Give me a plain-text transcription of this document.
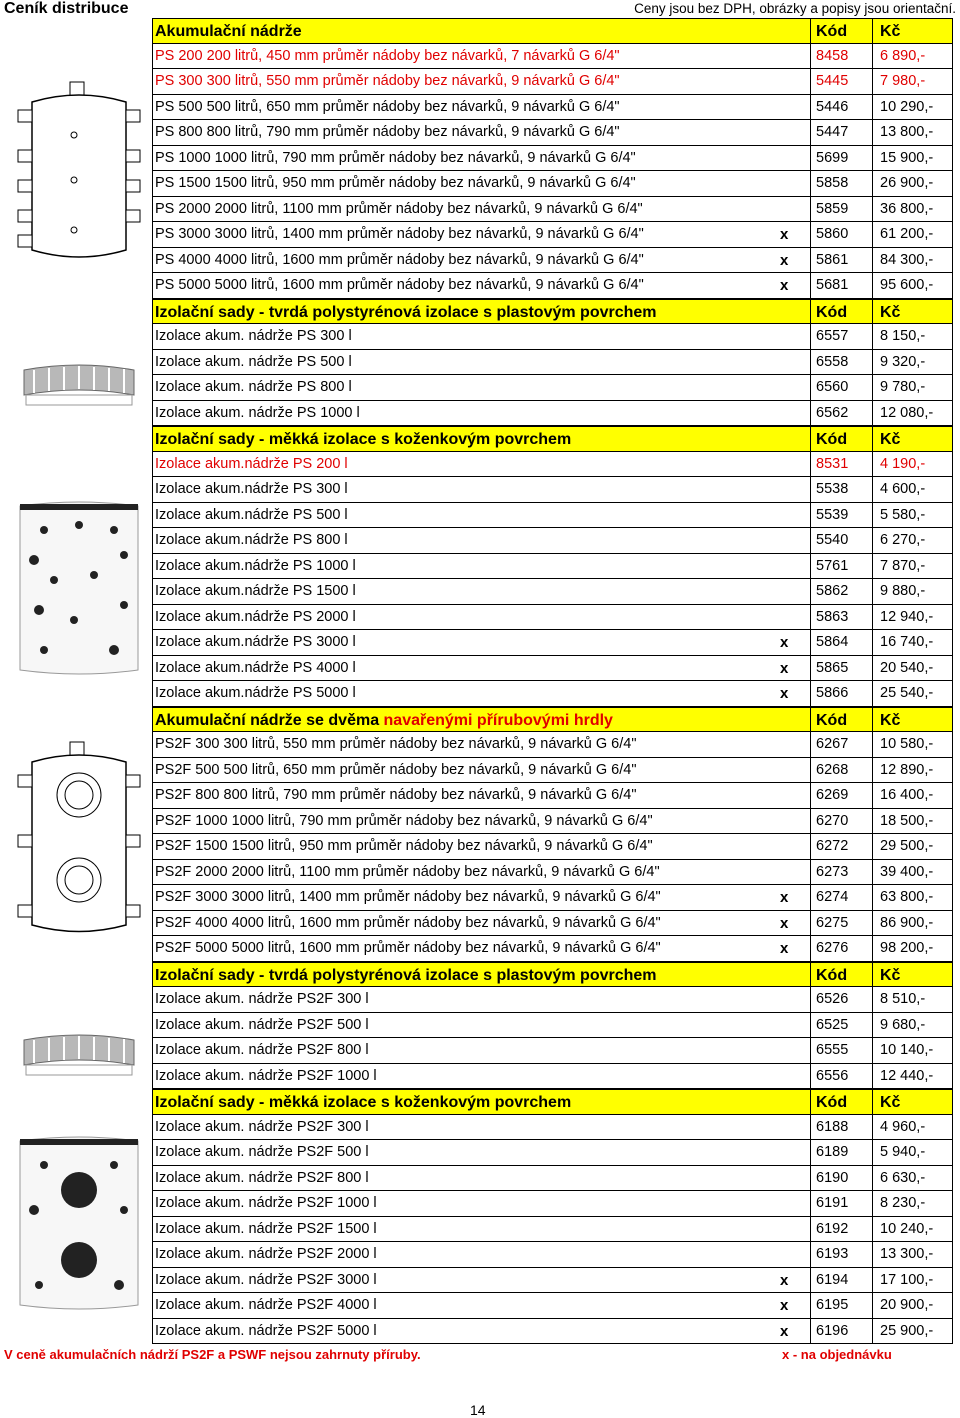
Ceník distribuce	Ceny jsou bez DPH, obrázky a popisy jsou orientační.
Akumulační nádrže	Kód Kč
PS 200 200 litrů, 450 mm průměr nádoby bez návarků, 7 návarků G 6/4"	8458 6 890,-
PS 300 300 litrů, 550 mm průměr nádoby bez návarků, 9 návarků G 6/4"	5445 7 980,-
PS 500 500 litrů, 650 mm průměr nádoby bez návarků, 9 návarků G 6/4"	5446 10 290,-
PS 800 800 litrů, 790 mm průměr nádoby bez návarků, 9 návarků G 6/4"	5447 13 800,-
PS 1000 1000 litrů, 790 mm průměr nádoby bez návarků, 9 návarků G 6/4"	5699 15 900,-
PS 1500 1500 litrů, 950 mm průměr nádoby bez návarků, 9 návarků G 6/4"	5858 26 900,-
PS 2000 2000 litrů, 1100 mm průměr nádoby bez návarků, 9 návarků G 6/4"	5859 36 800,-
PS 3000 3000 litrů, 1400 mm průměr nádoby bez návarků, 9 návarků G 6/4"	x 5860 61 200,-
PS 4000 4000 litrů, 1600 mm průměr nádoby bez návarků, 9 návarků G 6/4"	x 5861 84 300,-
PS 5000 5000 litrů, 1600 mm průměr nádoby bez návarků, 9 návarků G 6/4"	x 5681 95 600,-
Izolační sady - tvrdá polystyrénová izolace s plastovým povrchem	Kód Kč
Izolace akum. nádrže PS 300 l	6557 8 150,-
Izolace akum. nádrže PS 500 l	6558 9 320,-
Izolace akum. nádrže PS 800 l	6560 9 780,-
Izolace akum. nádrže PS 1000 l	6562 12 080,-
Izolační sady - měkká izolace s koženkovým povrchem	Kód Kč
Izolace akum.nádrže PS 200 l	8531 4 190,-
Izolace akum.nádrže PS 300 l	5538 4 600,-
Izolace akum.nádrže PS 500 l	5539 5 580,-
Izolace akum.nádrže PS 800 l	5540 6 270,-
Izolace akum.nádrže PS 1000 l	5761 7 870,-
Izolace akum.nádrže PS 1500 l	5862 9 880,-
Izolace akum.nádrže PS 2000 l	5863 12 940,-
Izolace akum.nádrže PS 3000 l	x 5864 16 740,-
Izolace akum.nádrže PS 4000 l	x 5865 20 540,-
Izolace akum.nádrže PS 5000 l	x 5866 25 540,-
Akumulační nádrže se dvěma navařenými přírubovými hrdly	Kód Kč
PS2F 300 300 litrů, 550 mm průměr nádoby bez návarků, 9 návarků G 6/4"	6267 10 580,-
PS2F 500 500 litrů, 650 mm průměr nádoby bez návarků, 9 návarků G 6/4"	6268 12 890,-
PS2F 800 800 litrů, 790 mm průměr nádoby bez návarků, 9 návarků G 6/4"	6269 16 400,-
PS2F 1000 1000 litrů, 790 mm průměr nádoby bez návarků, 9 návarků G 6/4"	6270 18 500,-
PS2F 1500 1500 litrů, 950 mm průměr nádoby bez návarků, 9 návarků G 6/4"	6272 29 500,-
PS2F 2000 2000 litrů, 1100 mm průměr nádoby bez návarků, 9 návarků G 6/4"	6273 39 400,-
PS2F 3000 3000 litrů, 1400 mm průměr nádoby bez návarků, 9 návarků G 6/4"	x 6274 63 800,-
PS2F 4000 4000 litrů, 1600 mm průměr nádoby bez návarků, 9 návarků G 6/4"	x 6275 86 900,-
PS2F 5000 5000 litrů, 1600 mm průměr nádoby bez návarků, 9 návarků G 6/4"	x 6276 98 200,-
Izolační sady - tvrdá polystyrénová izolace s plastovým povrchem	Kód Kč
Izolace akum. nádrže PS2F 300 l	6526 8 510,-
Izolace akum. nádrže PS2F 500 l	6525 9 680,-
Izolace akum. nádrže PS2F 800 l	6555 10 140,-
Izolace akum. nádrže PS2F 1000 l	6556 12 440,-
Izolační sady - měkká izolace s koženkovým povrchem	Kód Kč
Izolace akum. nádrže PS2F 300 l	6188 4 960,-
Izolace akum. nádrže PS2F 500 l	6189 5 940,-
Izolace akum. nádrže PS2F 800 l	6190 6 630,-
Izolace akum. nádrže PS2F 1000 l	6191 8 230,-
Izolace akum. nádrže PS2F 1500 l	6192 10 240,-
Izolace akum. nádrže PS2F 2000 l	6193 13 300,-
Izolace akum. nádrže PS2F 3000 l	x 6194 17 100,-
Izolace akum. nádrže PS2F 4000 l	x 6195 20 900,-
Izolace akum. nádrže PS2F 5000 l	x 6196 25 900,-
V ceně akumulačních nádrží PS2F a PSWF nejsou zahrnuty příruby.	x - na objednávku
14
